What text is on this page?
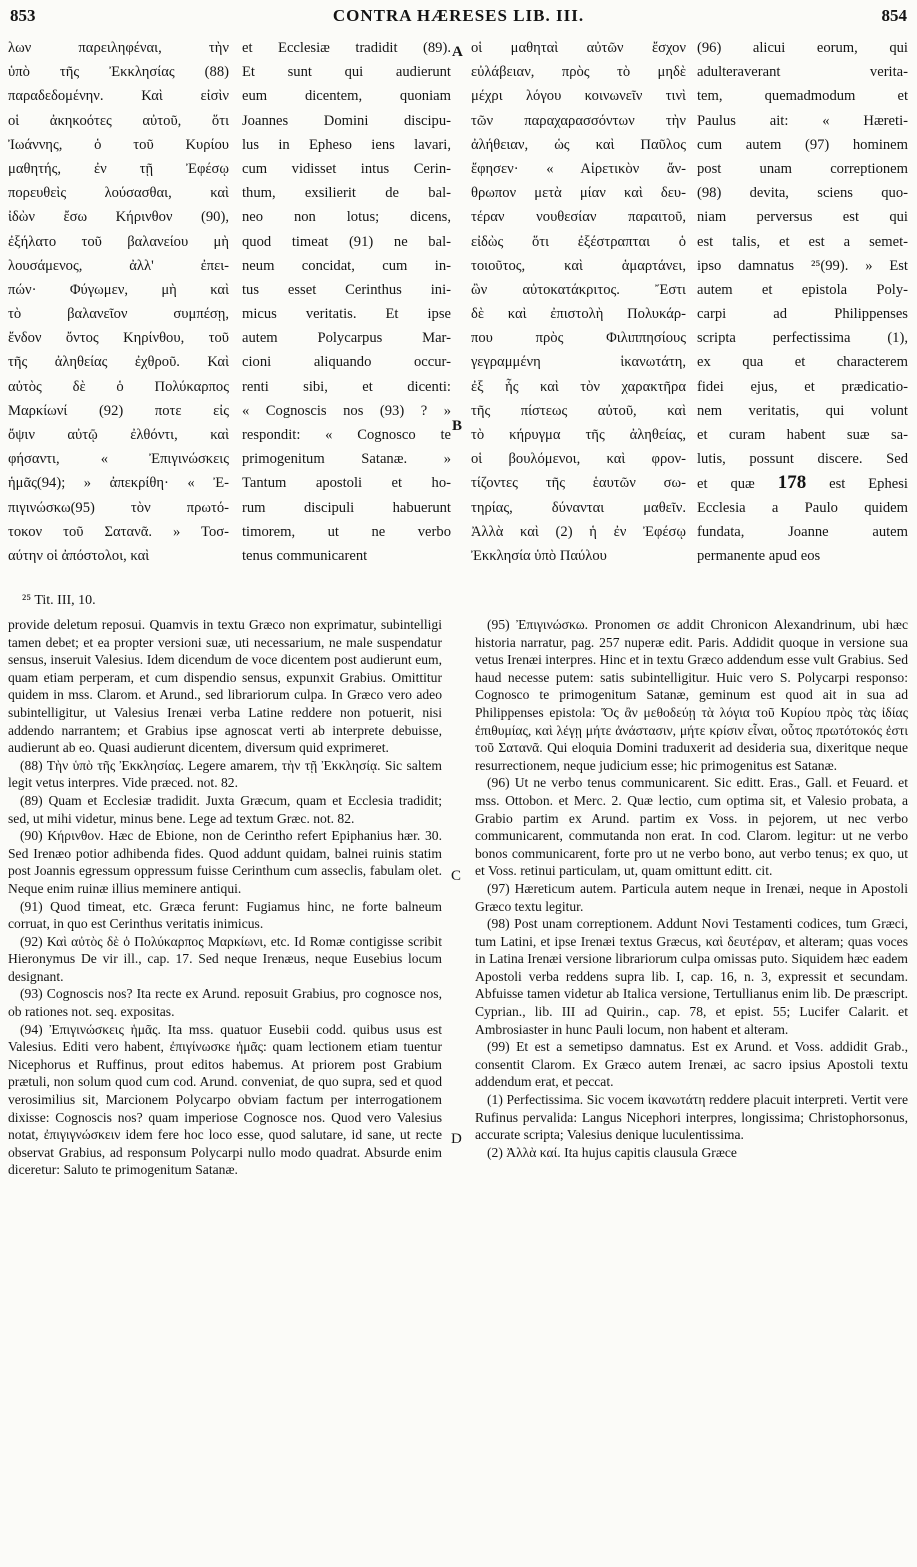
853	CONTRA HÆRESES LIB. III.	854
λων παρειληφέναι, τὴν
ὑπὸ τῆς Ἐκκλησίας (88)
παραδεδομένην. Καὶ εἰσὶν
οἱ ἀκηκοότες αὐτοῦ, ὅτι
Ἰωάννης, ὁ τοῦ Κυρίου
μαθητής, ἐν τῇ Ἐφέσῳ
πορευθεὶς λούσασθαι, καὶ
ἰδὼν ἔσω Κήρινθον (90),
ἐξήλατο τοῦ βαλανείου μὴ
λουσάμενος, ἀλλ' ἐπει-
πών· Φύγωμεν, μὴ καὶ
τὸ βαλανεῖον συμπέσῃ,
ἔνδον ὄντος Κηρίνθου, τοῦ
τῆς ἀληθείας ἐχθροῦ. Καὶ
αὐτὸς δὲ ὁ Πολύκαρπος
Μαρκίωνί (92) ποτε εἰς
ὄψιν αὐτῷ ἐλθόντι, καὶ
φήσαντι, « Ἐπιγινώσκεις
ἡμᾶς(94); » ἀπεκρίθη· « Ἐ-
πιγινώσκω(95) τὸν πρωτό-
τοκον τοῦ Σατανᾶ. » Τοσ-
αύτην οἱ ἀπόστολοι, καὶ
et Ecclesiæ tradidit (89).
Et sunt qui audierunt
eum dicentem, quoniam
Joannes Domini discipu-
lus in Epheso iens lavari,
cum vidisset intus Cerin-
thum, exsilierit de bal-
neo non lotus; dicens,
quod timeat (91) ne bal-
neum concidat, cum in-
tus esset Cerinthus ini-
micus veritatis. Et ipse
autem Polycarpus Mar-
cioni aliquando occur-
renti sibi, et dicenti:
« Cognoscis nos (93) ? »
respondit: « Cognosco te
primogenitum Satanæ. »
Tantum apostoli et ho-
rum discipuli habuerunt
timorem, ut ne verbo
tenus communicarent
οἱ μαθηταὶ αὐτῶν ἔσχον
εὐλάβειαν, πρὸς τὸ μηδὲ
μέχρι λόγου κοινωνεῖν τινὶ
τῶν παραχαρασσόντων τὴν
ἀλήθειαν, ὡς καὶ Παῦλος
ἔφησεν· « Αἱρετικὸν ἄν-
θρωπον μετὰ μίαν καὶ δευ-
τέραν νουθεσίαν παραιτοῦ,
εἰδὼς ὅτι ἐξέστραπται ὁ
τοιοῦτος, καὶ ἁμαρτάνει,
ὢν αὐτοκατάκριτος. Ἔστι
δὲ καὶ ἐπιστολὴ Πολυκάρ-
που πρὸς Φιλιππησίους
γεγραμμένη ἱκανωτάτη,
ἐξ ἧς καὶ τὸν χαρακτῆρα
τῆς πίστεως αὐτοῦ, καὶ
τὸ κήρυγμα τῆς ἀληθείας,
οἱ βουλόμενοι, καὶ φρον-
τίζοντες τῆς ἑαυτῶν σω-
τηρίας, δύνανται μαθεῖν.
Ἀλλὰ καὶ (2) ἡ ἐν Ἐφέσῳ
Ἐκκλησία ὑπὸ Παύλου
(96) alicui eorum, qui
adulteraverant verita-
tem, quemadmodum et
Paulus ait: « Hæreti-
cum autem (97) hominem
post unam correptionem
(98) devita, sciens quo-
niam perversus est qui
est talis, et est a semet-
ipso damnatus ²⁵(99). » Est
autem et epistola Poly-
carpi ad Philippenses
scripta perfectissima (1),
ex qua et characterem
fidei ejus, et prædicatio-
nem veritatis, qui volunt
et curam habent suæ sa-
lutis, possunt discere. Sed
et quæ 178 est Ephesi
Ecclesia a Paulo quidem
fundata, Joanne autem
permanente apud eos
A
B
C
D
²⁵ Tit. III, 10.

provide deletum reposui. Quamvis in textu Græco non exprimatur, subintelligi tamen debet; et ea propter versioni suæ, uti necessarium, ne male suspendatur sensus, inseruit Valesius. Idem dicendum de voce dicentem post audierunt eum, quam etiam perperam, et cum dispendio sensus, expunxit Grabius. Omittitur quidem in mss. Clarom. et Arund., sed librariorum culpa. In Græco vero adeo subintelligitur, ut Valesius Irenæi verba Latine reddere non potuerit, nisi addendo narrantem; et Grabius ipse agnoscat verti ab interprete debuisse, audierunt ab eo. Quasi audierunt dicentem, diversum quid exprimeret.

(88) Τὴν ὑπὸ τῆς Ἐκκλησίας. Legere amarem, τὴν τῇ Ἐκκλησίᾳ. Sic saltem legit vetus interpres. Vide præced. not. 82.

(89) Quam et Ecclesiæ tradidit. Juxta Græcum, quam et Ecclesia tradidit; sed, ut mihi videtur, minus bene. Lege ad textum Græc. not. 82.

(90) Κήρινθον. Hæc de Ebione, non de Cerintho refert Epiphanius hær. 30. Sed Irenæo potior adhibenda fides. Quod addunt quidam, balnei ruinis statim post Joannis egressum oppressum fuisse Cerinthum cum asseclis, fabulam olet. Neque enim ruinæ illius meminere antiqui.

(91) Quod timeat, etc. Græca ferunt: Fugiamus hinc, ne forte balneum corruat, in quo est Cerinthus veritatis inimicus.

(92) Καὶ αὐτὸς δὲ ὁ Πολύκαρπος Μαρκίωνι, etc. Id Romæ contigisse scribit Hieronymus De vir ill., cap. 17. Sed neque Irenæus, neque Eusebius locum designant.

(93) Cognoscis nos? Ita recte ex Arund. reposuit Grabius, pro cognosce nos, ob rationes not. seq. expositas.

(94) Ἐπιγινώσκεις ἡμᾶς. Ita mss. quatuor Eusebii codd. quibus usus est Valesius. Editi vero habent, ἐπιγίνωσκε ἡμᾶς: quam lectionem etiam tuentur Nicephorus et Ruffinus, prout editos habemus. At priorem post Grabium prætuli, non solum quod cum cod. Arund. conveniat, de quo supra, sed et quod verosimilius sit, Marcionem Polycarpo obviam factum per interrogationem dixisse: Cognoscis nos? quam imperiose Cognosce nos. Quod vero Valesius notat, ἐπιγιγνώσκειν idem fere hoc loco esse, quod salutare, id sane, ut recte observat Grabius, ad responsum Polycarpi nullo modo quadrat. Absurde enim diceretur: Saluto te primogenitum Satanæ.

(95) Ἐπιγινώσκω. Pronomen σε addit Chronicon Alexandrinum, ubi hæc historia narratur, pag. 257 nuperæ edit. Paris. Addidit quoque in versione sua vetus Irenæi interpres. Hinc et in textu Græco addendum esse vult Grabius. Sed haud necesse putem: satis subintelligitur. Huic vero S. Polycarpi responso: Cognosco te primogenitum Satanæ, geminum est quod ait in sua ad Philippenses epistola: Ὅς ἂν μεθοδεύῃ τὰ λόγια τοῦ Κυρίου πρὸς τὰς ἰδίας ἐπιθυμίας, καὶ λέγῃ μήτε ἀνάστασιν, μήτε κρίσιν εἶναι, οὗτος πρωτότοκός ἐστι τοῦ Σατανᾶ. Qui eloquia Domini traduxerit ad desideria sua, dixeritque neque resurrectionem, neque judicium esse; hic primogenitus est Satanæ.

(96) Ut ne verbo tenus communicarent. Sic editt. Eras., Gall. et Feuard. et mss. Ottobon. et Merc. 2. Quæ lectio, cum optima sit, et Valesio probata, a Grabio partim ex Arund. partim ex Voss. in pejorem, ut nec verbo communicarent, commutanda non erat. In cod. Clarom. legitur: ut ne verbo bonos communicarent, forte pro ut ne verbo bono, aut verbo tenus; ex quo, ut et Voss. retinui particulam, ut, quam omittunt editt. cit.

(97) Hæreticum autem. Particula autem neque in Irenæi, neque in Apostoli Græco textu legitur.

(98) Post unam correptionem. Addunt Novi Testamenti codices, tum Græci, tum Latini, et ipse Irenæi textus Græcus, καὶ δευτέραν, et alteram; quas voces in Latina Irenæi versione librariorum culpa omissas puto. Siquidem hæc eadem Apostoli verba reddens supra lib. I, cap. 16, n. 3, expressit et secundam. Abfuisse tamen videtur ab Italica versione, Tertullianus enim lib. De præscript. Cyprian., lib. III ad Quirin., cap. 78, et epist. 55; Lucifer Calarit. et Ambrosiaster in hunc Pauli locum, non habent et alteram.

(99) Et est a semetipso damnatus. Est ex Arund. et Voss. addidit Grab., consentit Clarom. Ex Græco autem Irenæi, ac sacro ipsius Apostoli textu addendum erat, et peccat.

(1) Perfectissima. Sic vocem ἱκανωτάτη reddere placuit interpreti. Vertit vere Rufinus pervalida: Langus Nicephori interpres, longissima; Christophorsonus, accurate scripta; Valesius denique luculentissima.

(2) Ἀλλὰ καί. Ita hujus capitis clausula Græce
